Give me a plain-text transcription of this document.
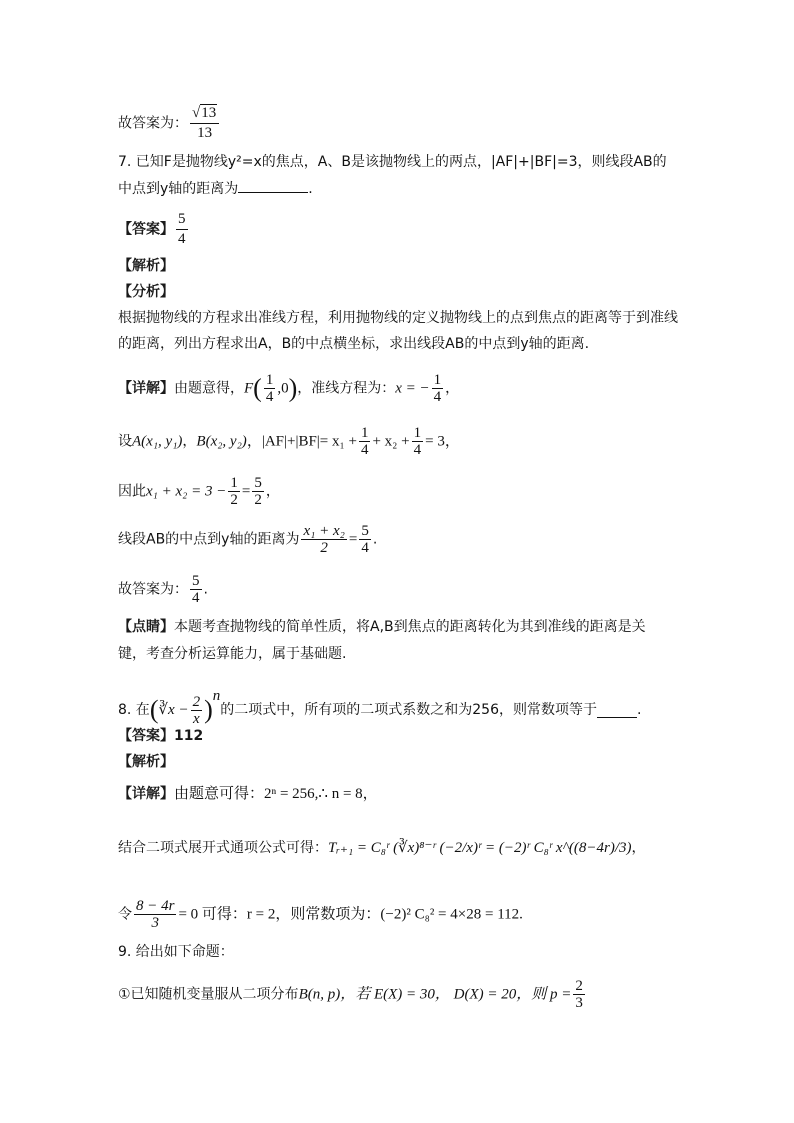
故答案为： $\frac{√13}{13}$
7. 已知F是抛物线y²=x的焦点，A、B是该抛物线上的两点，|AF|+|BF|=3，则线段AB的
中点到y轴的距离为	.
【答案】 $\frac{5}{4}$
【解析】
【分析】
根据抛物线的方程求出准线方程，利用抛物线的定义抛物线上的点到焦点的距离等于到准线
的距离，列出方程求出A，B的中点横坐标，求出线段AB的中点到y轴的距离.
【详解】由题意得，$F( \frac{1}{4} ,0)$，准线方程为：x = − $\frac{1}{4}$ ，
设A(x₁, y₁)，B(x₂, y₂)，$|AF|+|BF|= x_1 + \frac{1}{4} + x_2 + \frac{1}{4} = 3$，
因此$x_1 + x_2 = 3 - \frac{1}{2} = \frac{5}{2}$ ，
线段AB的中点到y轴的距离为 $\frac{\text{x₁ + x₂}}{2} = \frac{5}{4}$ .
故答案为： $\frac{5}{4}$ .
【点睛】本题考查抛物线的简单性质，将A,B到焦点的距离转化为其到准线的距离是关
键，考查分析运算能力，属于基础题.
8. 在(∛x − $\frac{2}{x} )^n$的二项式中，所有项的二项式系数之和为256，则常数项等于	.
【答案】112
【解析】
【详解】由题意可得：2ⁿ = 256,∴ n = 8，
结合二项式展开式通项公式可得：Tᵣ₊₁ = C₈ʳ (∛x)⁸⁻ʳ (−2/x)ʳ = (−2)ʳ C₈ʳ x^((8−4r)/3)，
令 $\frac{8 - 4r}{3} = 0$ 可得：r = 2，则常数项为：(−2)² C₈² = 4×28 = 112.
9. 给出如下命题：
①已知随机变量服从二项分布B(n, p)，若 E(X) = 30， D(X) = 20，则 $p = \frac{2}{3}$
